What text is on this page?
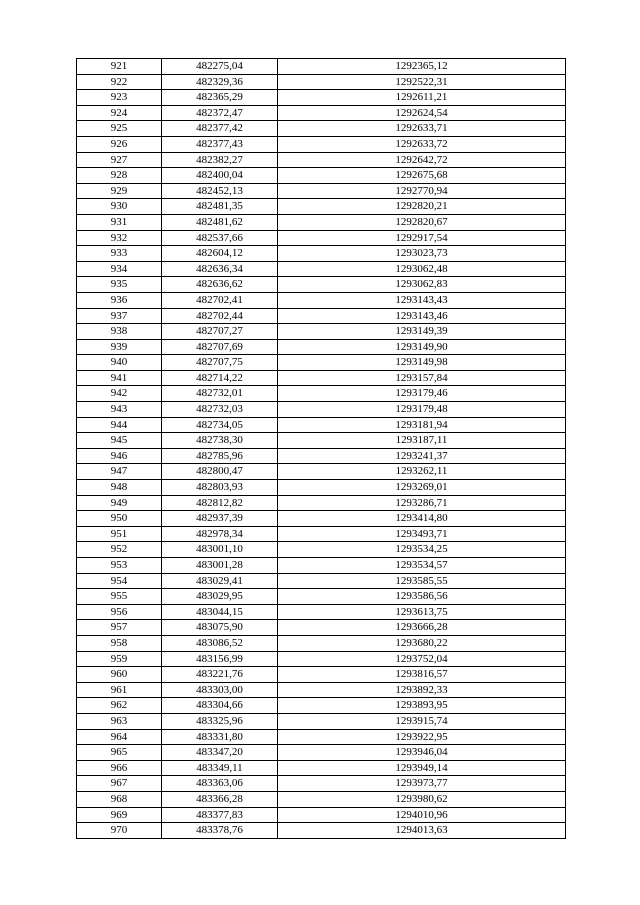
921	482275,04	1292365,12
922	482329,36	1292522,31
923	482365,29	1292611,21
924	482372,47	1292624,54
925	482377,42	1292633,71
926	482377,43	1292633,72
927	482382,27	1292642,72
928	482400,04	1292675,68
929	482452,13	1292770,94
930	482481,35	1292820,21
931	482481,62	1292820,67
932	482537,66	1292917,54
933	482604,12	1293023,73
934	482636,34	1293062,48
935	482636,62	1293062,83
936	482702,41	1293143,43
937	482702,44	1293143,46
938	482707,27	1293149,39
939	482707,69	1293149,90
940	482707,75	1293149,98
941	482714,22	1293157,84
942	482732,01	1293179,46
943	482732,03	1293179,48
944	482734,05	1293181,94
945	482738,30	1293187,11
946	482785,96	1293241,37
947	482800,47	1293262,11
948	482803,93	1293269,01
949	482812,82	1293286,71
950	482937,39	1293414,80
951	482978,34	1293493,71
952	483001,10	1293534,25
953	483001,28	1293534,57
954	483029,41	1293585,55
955	483029,95	1293586,56
956	483044,15	1293613,75
957	483075,90	1293666,28
958	483086,52	1293680,22
959	483156,99	1293752,04
960	483221,76	1293816,57
961	483303,00	1293892,33
962	483304,66	1293893,95
963	483325,96	1293915,74
964	483331,80	1293922,95
965	483347,20	1293946,04
966	483349,11	1293949,14
967	483363,06	1293973,77
968	483366,28	1293980,62
969	483377,83	1294010,96
970	483378,76	1294013,63
